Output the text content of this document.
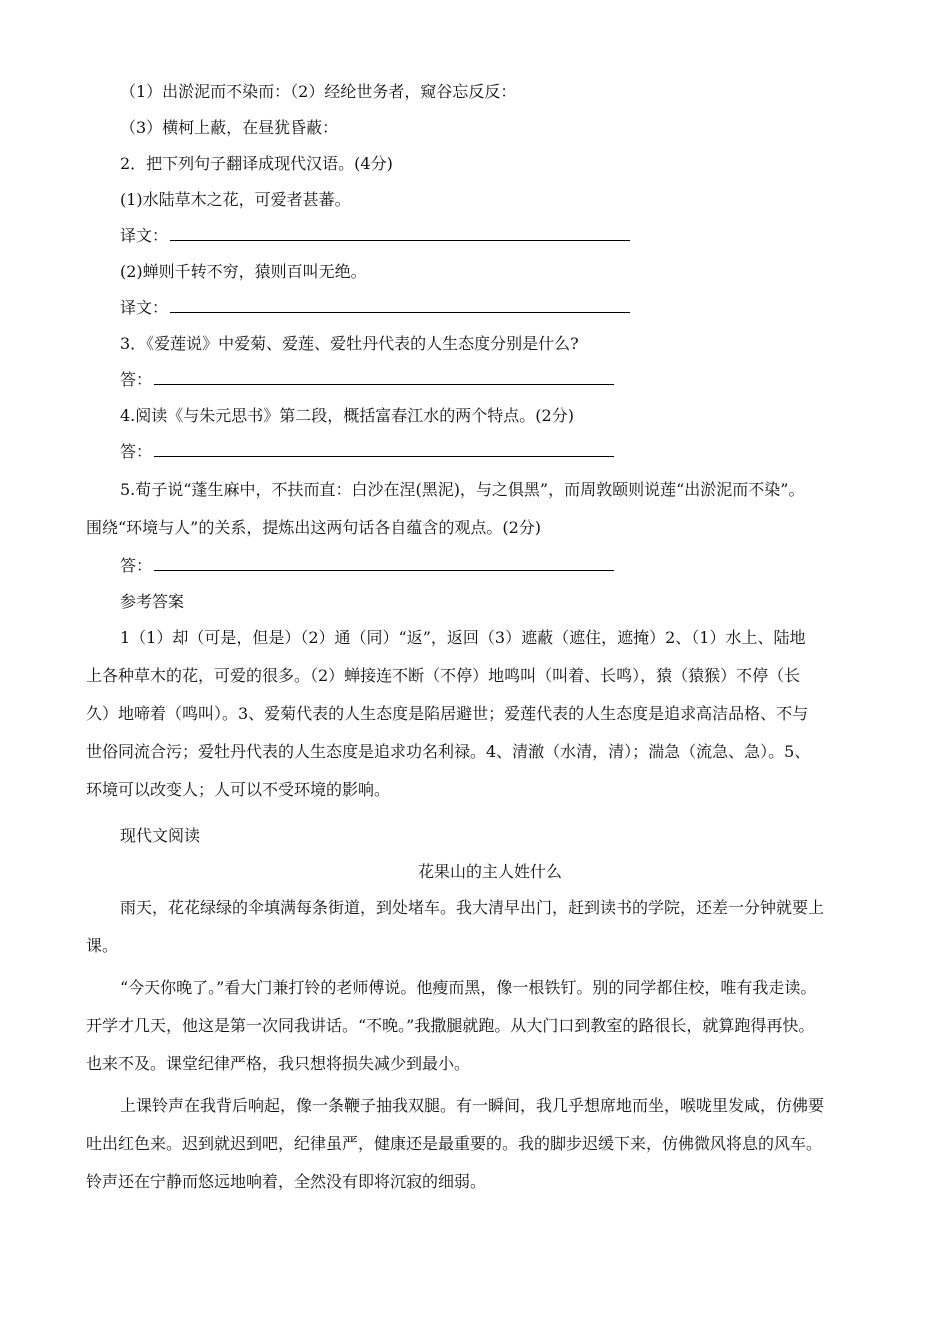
（1）出淤泥而不染而：（2）经纶世务者，窥谷忘反反：
（3）横柯上蔽，在昼犹昏蔽：
2．把下列句子翻译成现代汉语。(4分)
(1)水陆草木之花，可爱者甚蕃。
译文：
(2)蝉则千转不穷，猿则百叫无绝。
译文：
3．《爱莲说》中爱菊、爱莲、爱牡丹代表的人生态度分别是什么?
答：
4.阅读《与朱元思书》第二段，概括富春江水的两个特点。(2分)
答：
5.荀子说“蓬生麻中，不扶而直：白沙在涅(黑泥)，与之俱黑”，而周敦颐则说莲“出淤泥而不染”。
围绕“环境与人”的关系，提炼出这两句话各自蕴含的观点。(2分)
答：
参考答案
1（1）却（可是，但是）（2）通（同）“返”，返回（3）遮蔽（遮住，遮掩）2、（1）水上、陆地
上各种草木的花，可爱的很多。（2）蝉接连不断（不停）地鸣叫（叫着、长鸣），猿（猿猴）不停（长
久）地啼着（鸣叫）。3、爱菊代表的人生态度是陷居避世；爱莲代表的人生态度是追求高洁品格、不与
世俗同流合污；爱牡丹代表的人生态度是追求功名利禄。4、清澈（水清，清）；湍急（流急、急）。5、
环境可以改变人；人可以不受环境的影响。
现代文阅读
花果山的主人姓什么
雨天，花花绿绿的伞填满每条街道，到处堵车。我大清早出门，赶到读书的学院，还差一分钟就要上
课。
“今天你晚了。”看大门兼打铃的老师傅说。他瘦而黑，像一根铁钉。别的同学都住校，唯有我走读。
开学才几天，他这是第一次同我讲话。“不晚。”我撒腿就跑。从大门口到教室的路很长，就算跑得再快。
也来不及。课堂纪律严格，我只想将损失减少到最小。
上课铃声在我背后响起，像一条鞭子抽我双腿。有一瞬间，我几乎想席地而坐，喉咙里发咸，仿佛要
吐出红色来。迟到就迟到吧，纪律虽严，健康还是最重要的。我的脚步迟缓下来，仿佛微风将息的风车。
铃声还在宁静而悠远地响着，全然没有即将沉寂的细弱。
